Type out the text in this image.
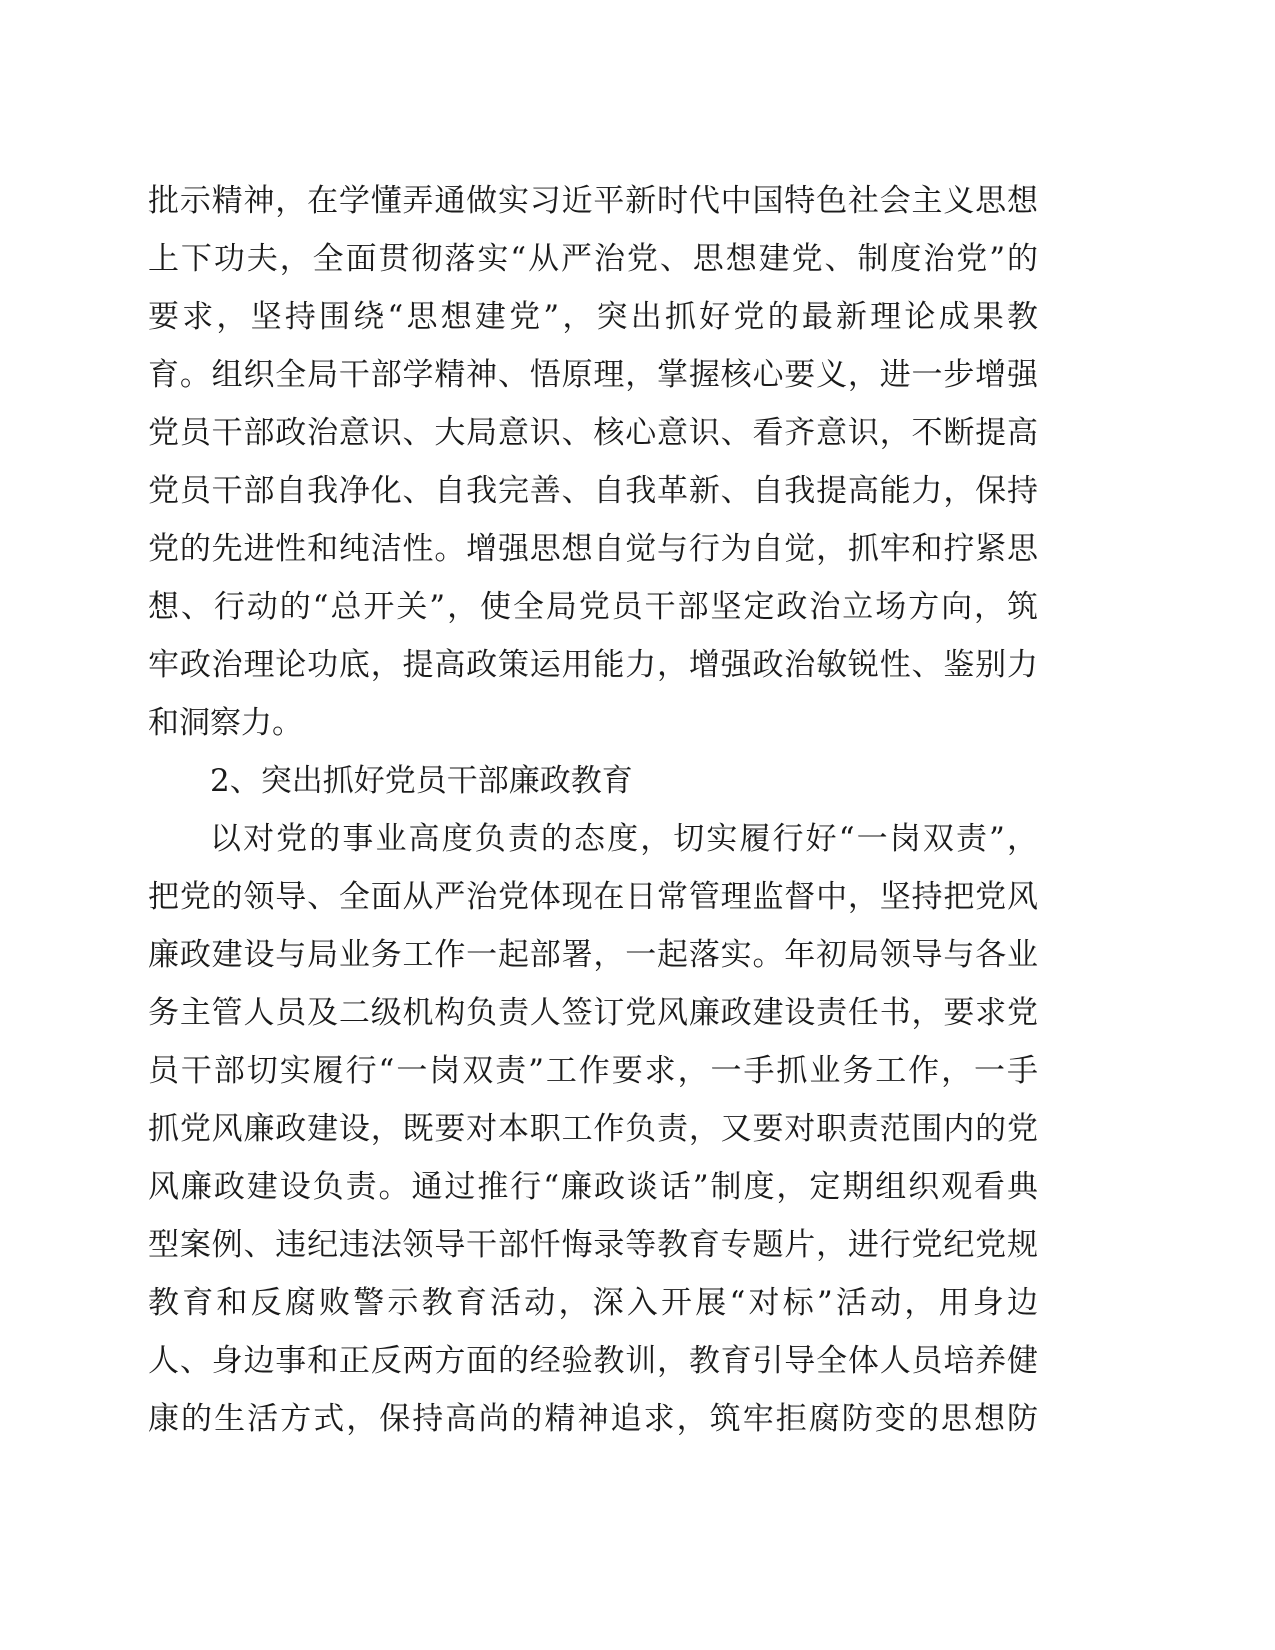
批示精神，在学懂弄通做实习近平新时代中国特色社会主义思想
上下功夫，全面贯彻落实“从严治党、思想建党、制度治党”的
要求，坚持围绕“思想建党”，突出抓好党的最新理论成果教
育。组织全局干部学精神、悟原理，掌握核心要义，进一步增强
党员干部政治意识、大局意识、核心意识、看齐意识，不断提高
党员干部自我净化、自我完善、自我革新、自我提高能力，保持
党的先进性和纯洁性。增强思想自觉与行为自觉，抓牢和拧紧思
想、行动的“总开关”，使全局党员干部坚定政治立场方向，筑
牢政治理论功底，提高政策运用能力，增强政治敏锐性、鉴别力
和洞察力。
2、突出抓好党员干部廉政教育
以对党的事业高度负责的态度，切实履行好“一岗双责”，
把党的领导、全面从严治党体现在日常管理监督中，坚持把党风
廉政建设与局业务工作一起部署，一起落实。年初局领导与各业
务主管人员及二级机构负责人签订党风廉政建设责任书，要求党
员干部切实履行“一岗双责”工作要求，一手抓业务工作，一手
抓党风廉政建设，既要对本职工作负责，又要对职责范围内的党
风廉政建设负责。通过推行“廉政谈话”制度，定期组织观看典
型案例、违纪违法领导干部忏悔录等教育专题片，进行党纪党规
教育和反腐败警示教育活动，深入开展“对标”活动，用身边
人、身边事和正反两方面的经验教训，教育引导全体人员培养健
康的生活方式，保持高尚的精神追求，筑牢拒腐防变的思想防
